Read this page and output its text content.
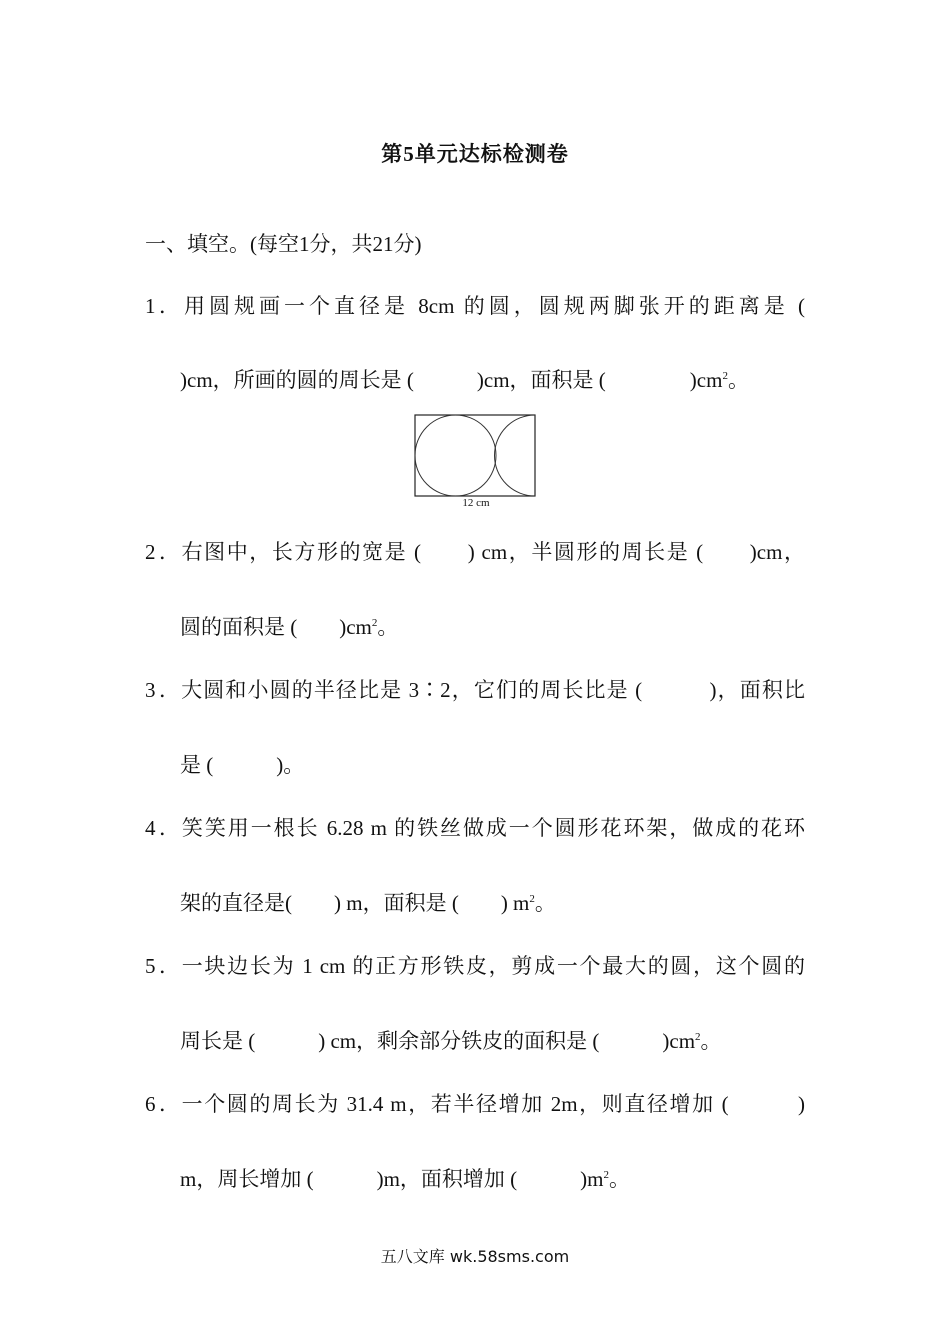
第5单元达标检测卷
一、填空。(每空1分，共21分)
1．用圆规画一个直径是 8cm 的圆，圆规两脚张开的距离是 (
)cm，所画的圆的周长是 (　　　)cm，面积是 (　　　　)$cm^2$。
12 cm
2．右图中，长方形的宽是 (　　) cm，半圆形的周长是 (　　)cm，
圆的面积是 (　　)$cm^2$。
3．大圆和小圆的半径比是 3∶2，它们的周长比是 (　　　)，面积比
是 (　　　)。
4．笑笑用一根长 6.28 m 的铁丝做成一个圆形花环架，做成的花环
架的直径是(　　) m，面积是 (　　) $m^2$。
5．一块边长为 1 cm 的正方形铁皮，剪成一个最大的圆，这个圆的
周长是 (　　　) cm，剩余部分铁皮的面积是 (　　　)$cm^2$。
6．一个圆的周长为 31.4 m，若半径增加 2m，则直径增加 (　　　)
m，周长增加 (　　　)m，面积增加 (　　　)$m^2$。
五八文库 wk.58sms.com
